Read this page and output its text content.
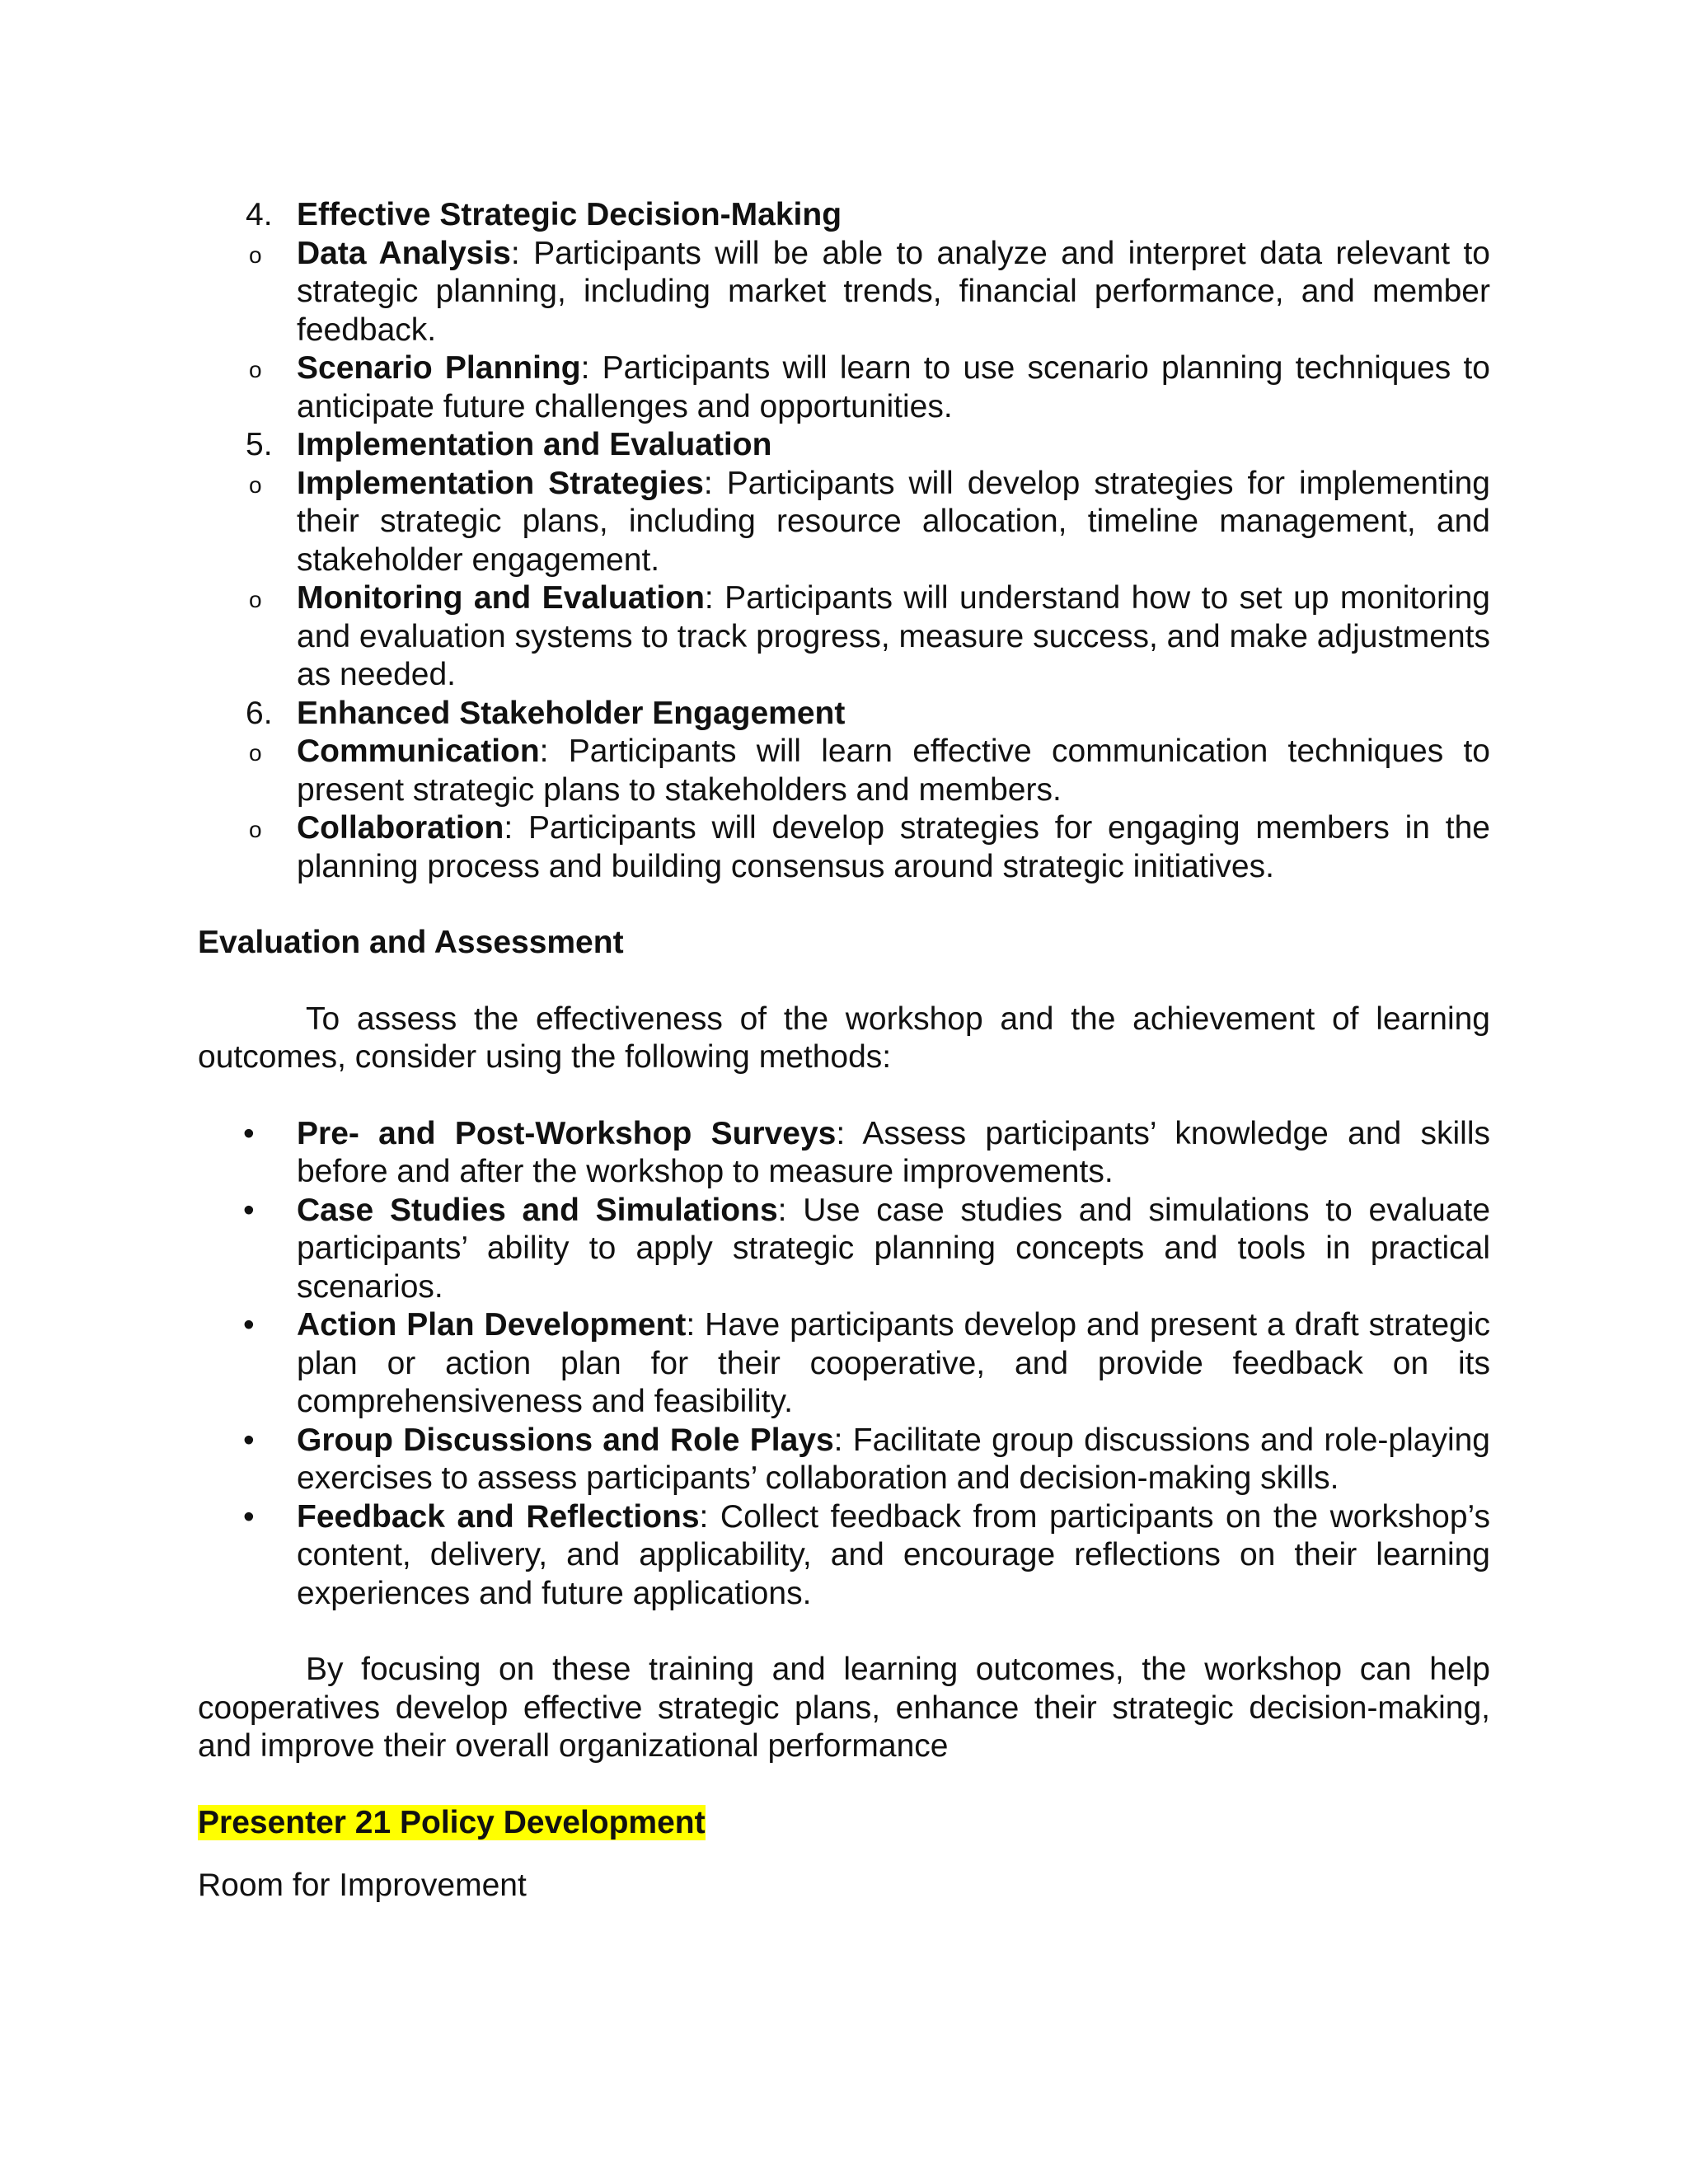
4. Effective Strategic Decision-Making
o Data Analysis: Participants will be able to analyze and interpret data relevant to strategic planning, including market trends, financial performance, and member feedback.
o Scenario Planning: Participants will learn to use scenario planning techniques to anticipate future challenges and opportunities.
5. Implementation and Evaluation
o Implementation Strategies: Participants will develop strategies for implementing their strategic plans, including resource allocation, timeline management, and stakeholder engagement.
o Monitoring and Evaluation: Participants will understand how to set up monitoring and evaluation systems to track progress, measure success, and make adjustments as needed.
6. Enhanced Stakeholder Engagement
o Communication: Participants will learn effective communication techniques to present strategic plans to stakeholders and members.
o Collaboration: Participants will develop strategies for engaging members in the planning process and building consensus around strategic initiatives.
Evaluation and Assessment
To assess the effectiveness of the workshop and the achievement of learning outcomes, consider using the following methods:
• Pre- and Post-Workshop Surveys: Assess participants’ knowledge and skills before and after the workshop to measure improvements.
• Case Studies and Simulations: Use case studies and simulations to evaluate participants’ ability to apply strategic planning concepts and tools in practical scenarios.
• Action Plan Development: Have participants develop and present a draft strategic plan or action plan for their cooperative, and provide feedback on its comprehensiveness and feasibility.
• Group Discussions and Role Plays: Facilitate group discussions and role-playing exercises to assess participants’ collaboration and decision-making skills.
• Feedback and Reflections: Collect feedback from participants on the workshop’s content, delivery, and applicability, and encourage reflections on their learning experiences and future applications.
By focusing on these training and learning outcomes, the workshop can help cooperatives develop effective strategic plans, enhance their strategic decision-making, and improve their overall organizational performance
Presenter 21 Policy Development
Room for Improvement
